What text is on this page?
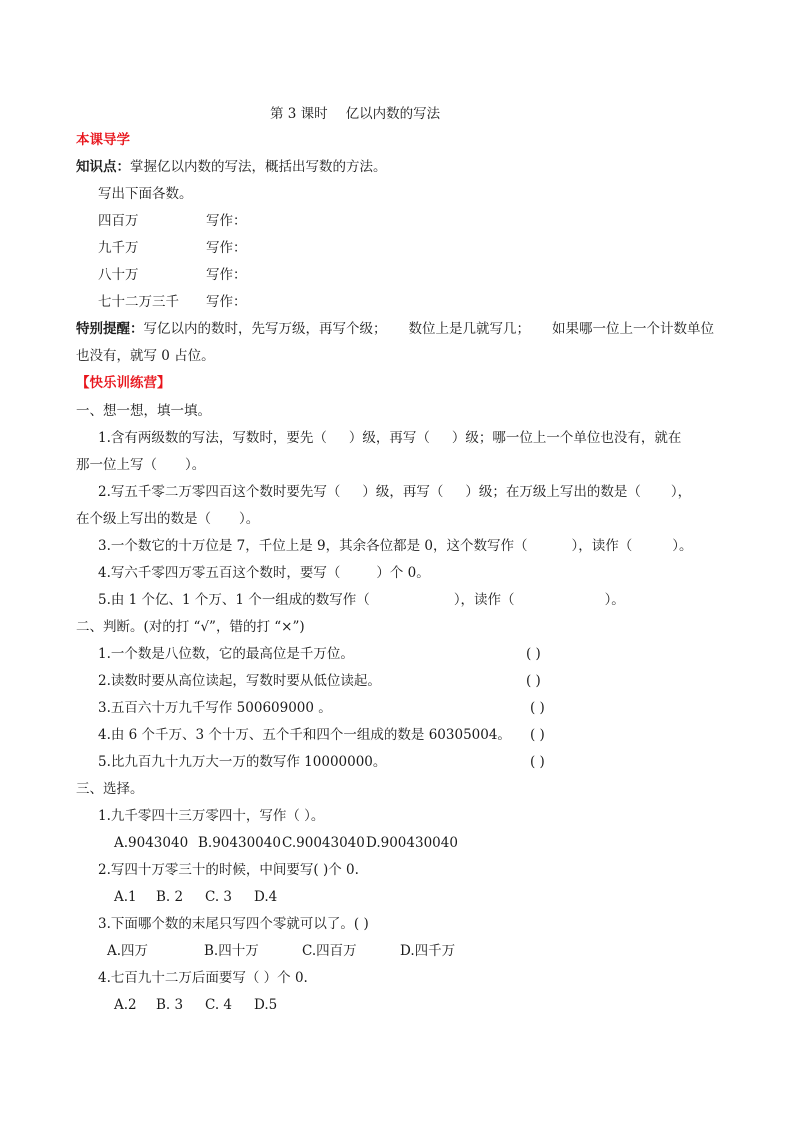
第 3 课时 亿以内数的写法
本课导学
知识点：掌握亿以内数的写法，概括出写数的方法。
写出下面各数。
四百万	写作：
九千万	写作：
八十万	写作：
七十二万三千 写作：
特别提醒：写亿以内的数时，先写万级，再写个级； 数位上是几就写几； 如果哪一位上一个计数单位
也没有，就写 0 占位。
【快乐训练营】
一、想一想，填一填。
1.含有两级数的写法，写数时，要先（ ）级，再写（ ）级；哪一位上一个单位也没有，就在
那一位上写（ ）。
2.写五千零二万零四百这个数时要先写（ ）级，再写（ ）级；在万级上写出的数是（ ），
在个级上写出的数是（ ）。
3.一个数它的十万位是 7，千位上是 9，其余各位都是 0，这个数写作（	），读作（	）。
4.写六千零四万零五百这个数时，要写（	）个 0。
5.由 1 个亿、1 个万、1 个一组成的数写作（	），读作（	）。
二、判断。(对的打 “√”，错的打 “×”)
1.一个数是八位数，它的最高位是千万位。	( )
2.读数时要从高位读起，写数时要从低位读起。	( )
3.五百六十万九千写作 500609000 。	( )
4.由 6 个千万、3 个十万、五个千和四个一组成的数是 60305004。 ( )
5.比九百九十九万大一万的数写作 10000000。	( )
三、选择。
1.九千零四十三万零四十，写作（ ）。
A.9043040 B.90430040C.90043040D.900430040
2.写四十万零三十的时候，中间要写( )个 0.
A.1 B. 2 C. 3 D.4
3.下面哪个数的末尾只写四个零就可以了。( )
A.四万	B.四十万	C.四百万	D.四千万
4.七百九十二万后面要写（ ）个 0.
A.2 B. 3 C. 4 D.5
